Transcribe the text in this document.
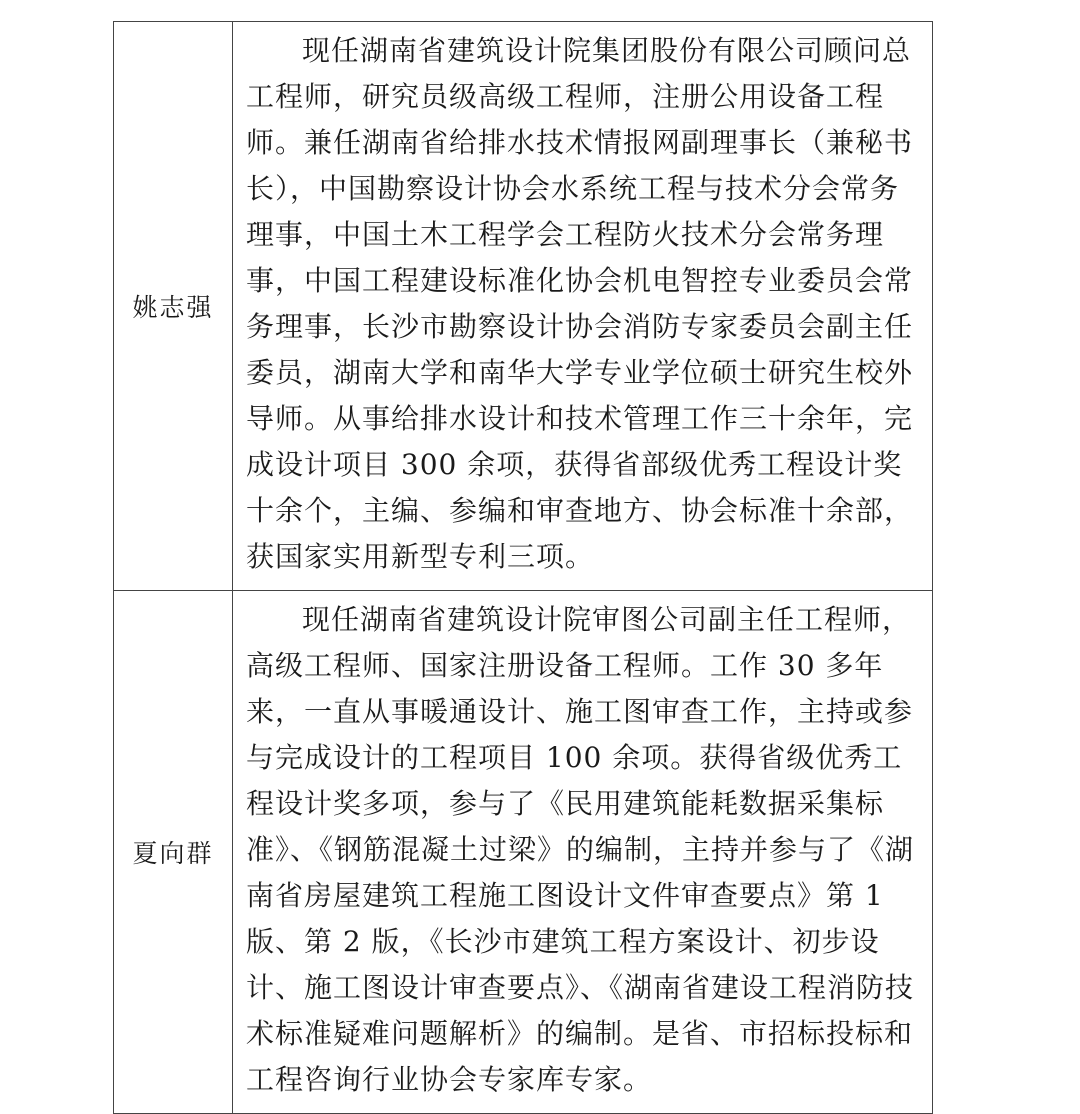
姚志强	现任湖南省建筑设计院集团股份有限公司顾问总工程师，研究员级高级工程师，注册公用设备工程师。兼任湖南省给排水技术情报网副理事长（兼秘书长），中国勘察设计协会水系统工程与技术分会常务理事，中国土木工程学会工程防火技术分会常务理事，中国工程建设标准化协会机电智控专业委员会常务理事，长沙市勘察设计协会消防专家委员会副主任委员，湖南大学和南华大学专业学位硕士研究生校外导师。从事给排水设计和技术管理工作三十余年，完成设计项目 300 余项，获得省部级优秀工程设计奖十余个，主编、参编和审查地方、协会标准十余部，获国家实用新型专利三项。

夏向群	现任湖南省建筑设计院审图公司副主任工程师，高级工程师、国家注册设备工程师。工作 30 多年来，一直从事暖通设计、施工图审查工作，主持或参与完成设计的工程项目 100 余项。获得省级优秀工程设计奖多项，参与了《民用建筑能耗数据采集标准》、《钢筋混凝土过梁》的编制，主持并参与了《湖南省房屋建筑工程施工图设计文件审查要点》第 1 版、第 2 版，《长沙市建筑工程方案设计、初步设计、施工图设计审查要点》、《湖南省建设工程消防技术标准疑难问题解析》的编制。是省、市招标投标和工程咨询行业协会专家库专家。
